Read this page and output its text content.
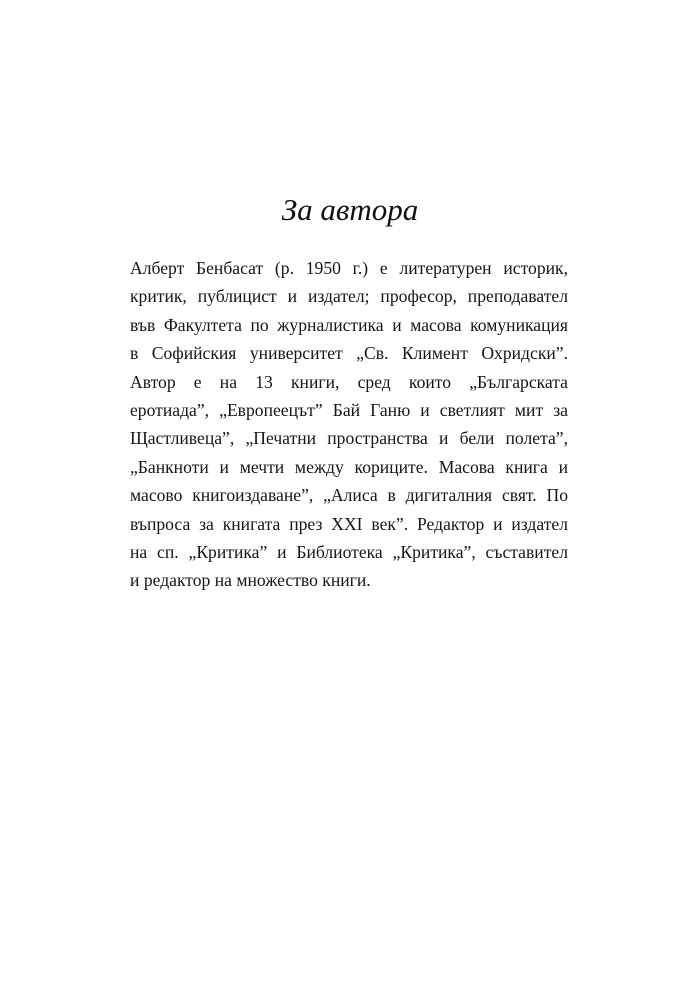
За автора
Алберт Бенбасат (р. 1950 г.) е литературен историк,
критик, публицист и издател; професор, преподавател
във Факултета по журналистика и масова комуникация
в Софийския университет „Св. Климент Охридски”.
Автор е на 13 книги, сред които „Българската
еротиада”, „Европеецът” Бай Ганю и светлият мит за
Щастливеца”, „Печатни пространства и бели полета”,
„Банкноти и мечти между кориците. Масова книга и
масово книгоиздаване”, „Алиса в дигиталния свят. По
въпроса за книгата през XXI век”. Редактор и издател
на сп. „Критика” и Библиотека „Критика”, съставител
и редактор на множество книги.
